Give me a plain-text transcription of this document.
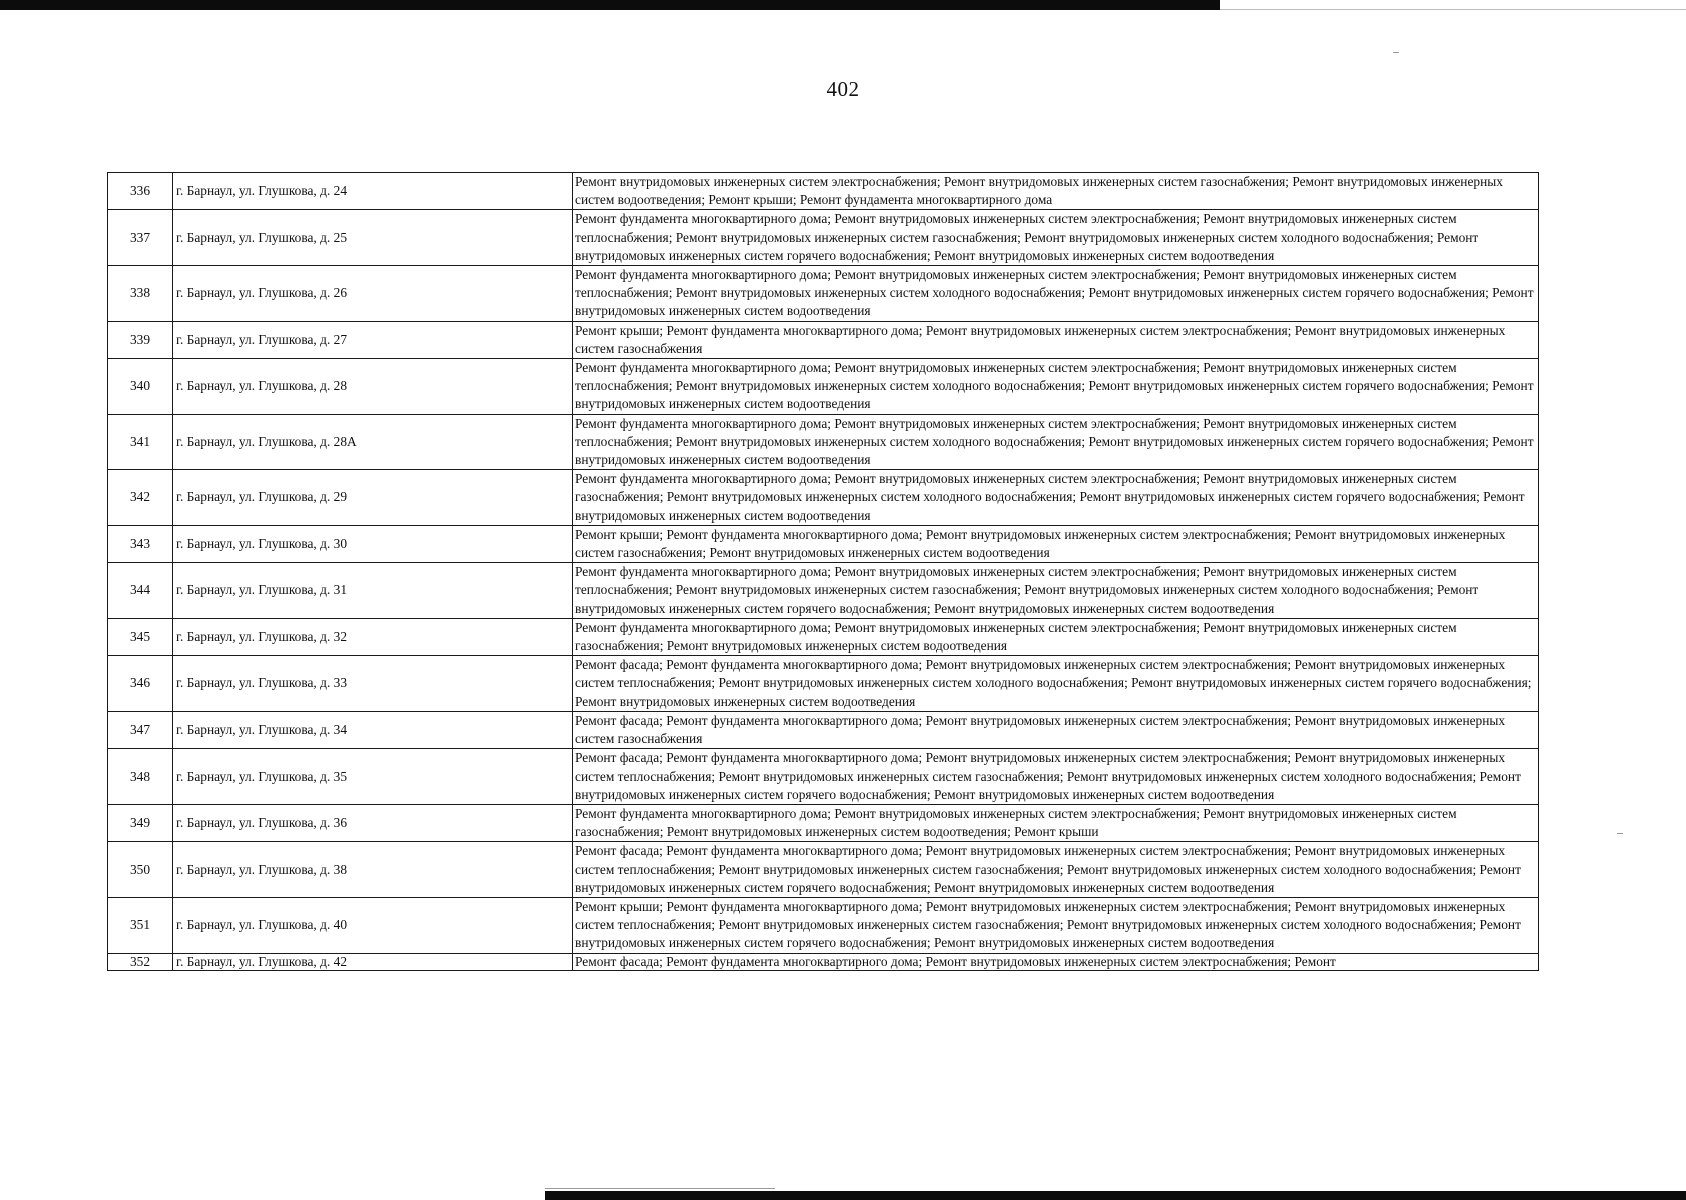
402
336	г. Барнаул, ул. Глушкова, д. 24	Ремонт внутридомовых инженерных систем электроснабжения; Ремонт внутридомовых инженерных систем газоснабжения; Ремонт внутридомовых инженерных систем водоотведения; Ремонт крыши; Ремонт фундамента многоквартирного дома
337	г. Барнаул, ул. Глушкова, д. 25	Ремонт фундамента многоквартирного дома; Ремонт внутридомовых инженерных систем электроснабжения; Ремонт внутридомовых инженерных систем теплоснабжения; Ремонт внутридомовых инженерных систем газоснабжения; Ремонт внутридомовых инженерных систем холодного водоснабжения; Ремонт внутридомовых инженерных систем горячего водоснабжения; Ремонт внутридомовых инженерных систем водоотведения
338	г. Барнаул, ул. Глушкова, д. 26	Ремонт фундамента многоквартирного дома; Ремонт внутридомовых инженерных систем электроснабжения; Ремонт внутридомовых инженерных систем теплоснабжения; Ремонт внутридомовых инженерных систем холодного водоснабжения; Ремонт внутридомовых инженерных систем горячего водоснабжения; Ремонт внутридомовых инженерных систем водоотведения
339	г. Барнаул, ул. Глушкова, д. 27	Ремонт крыши; Ремонт фундамента многоквартирного дома; Ремонт внутридомовых инженерных систем электроснабжения; Ремонт внутридомовых инженерных систем газоснабжения
340	г. Барнаул, ул. Глушкова, д. 28	Ремонт фундамента многоквартирного дома; Ремонт внутридомовых инженерных систем электроснабжения; Ремонт внутридомовых инженерных систем теплоснабжения; Ремонт внутридомовых инженерных систем холодного водоснабжения; Ремонт внутридомовых инженерных систем горячего водоснабжения; Ремонт внутридомовых инженерных систем водоотведения
341	г. Барнаул, ул. Глушкова, д. 28А	Ремонт фундамента многоквартирного дома; Ремонт внутридомовых инженерных систем электроснабжения; Ремонт внутридомовых инженерных систем теплоснабжения; Ремонт внутридомовых инженерных систем холодного водоснабжения; Ремонт внутридомовых инженерных систем горячего водоснабжения; Ремонт внутридомовых инженерных систем водоотведения
342	г. Барнаул, ул. Глушкова, д. 29	Ремонт фундамента многоквартирного дома; Ремонт внутридомовых инженерных систем электроснабжения; Ремонт внутридомовых инженерных систем газоснабжения; Ремонт внутридомовых инженерных систем холодного водоснабжения; Ремонт внутридомовых инженерных систем горячего водоснабжения; Ремонт внутридомовых инженерных систем водоотведения
343	г. Барнаул, ул. Глушкова, д. 30	Ремонт крыши; Ремонт фундамента многоквартирного дома; Ремонт внутридомовых инженерных систем электроснабжения; Ремонт внутридомовых инженерных систем газоснабжения; Ремонт внутридомовых инженерных систем водоотведения
344	г. Барнаул, ул. Глушкова, д. 31	Ремонт фундамента многоквартирного дома; Ремонт внутридомовых инженерных систем электроснабжения; Ремонт внутридомовых инженерных систем теплоснабжения; Ремонт внутридомовых инженерных систем газоснабжения; Ремонт внутридомовых инженерных систем холодного водоснабжения; Ремонт внутридомовых инженерных систем горячего водоснабжения; Ремонт внутридомовых инженерных систем водоотведения
345	г. Барнаул, ул. Глушкова, д. 32	Ремонт фундамента многоквартирного дома; Ремонт внутридомовых инженерных систем электроснабжения; Ремонт внутридомовых инженерных систем газоснабжения; Ремонт внутридомовых инженерных систем водоотведения
346	г. Барнаул, ул. Глушкова, д. 33	Ремонт фасада; Ремонт фундамента многоквартирного дома; Ремонт внутридомовых инженерных систем электроснабжения; Ремонт внутридомовых инженерных систем теплоснабжения; Ремонт внутридомовых инженерных систем холодного водоснабжения; Ремонт внутридомовых инженерных систем горячего водоснабжения; Ремонт внутридомовых инженерных систем водоотведения
347	г. Барнаул, ул. Глушкова, д. 34	Ремонт фасада; Ремонт фундамента многоквартирного дома; Ремонт внутридомовых инженерных систем электроснабжения; Ремонт внутридомовых инженерных систем газоснабжения
348	г. Барнаул, ул. Глушкова, д. 35	Ремонт фасада; Ремонт фундамента многоквартирного дома; Ремонт внутридомовых инженерных систем электроснабжения; Ремонт внутридомовых инженерных систем теплоснабжения; Ремонт внутридомовых инженерных систем газоснабжения; Ремонт внутридомовых инженерных систем холодного водоснабжения; Ремонт внутридомовых инженерных систем горячего водоснабжения; Ремонт внутридомовых инженерных систем водоотведения
349	г. Барнаул, ул. Глушкова, д. 36	Ремонт фундамента многоквартирного дома; Ремонт внутридомовых инженерных систем электроснабжения; Ремонт внутридомовых инженерных систем газоснабжения; Ремонт внутридомовых инженерных систем водоотведения; Ремонт крыши
350	г. Барнаул, ул. Глушкова, д. 38	Ремонт фасада; Ремонт фундамента многоквартирного дома; Ремонт внутридомовых инженерных систем электроснабжения; Ремонт внутридомовых инженерных систем теплоснабжения; Ремонт внутридомовых инженерных систем газоснабжения; Ремонт внутридомовых инженерных систем холодного водоснабжения; Ремонт внутридомовых инженерных систем горячего водоснабжения; Ремонт внутридомовых инженерных систем водоотведения
351	г. Барнаул, ул. Глушкова, д. 40	Ремонт крыши; Ремонт фундамента многоквартирного дома; Ремонт внутридомовых инженерных систем электроснабжения; Ремонт внутридомовых инженерных систем теплоснабжения; Ремонт внутридомовых инженерных систем газоснабжения; Ремонт внутридомовых инженерных систем холодного водоснабжения; Ремонт внутридомовых инженерных систем горячего водоснабжения; Ремонт внутридомовых инженерных систем водоотведения
352	г. Барнаул, ул. Глушкова, д. 42	Ремонт фасада; Ремонт фундамента многоквартирного дома; Ремонт внутридомовых инженерных систем электроснабжения; Ремонт
